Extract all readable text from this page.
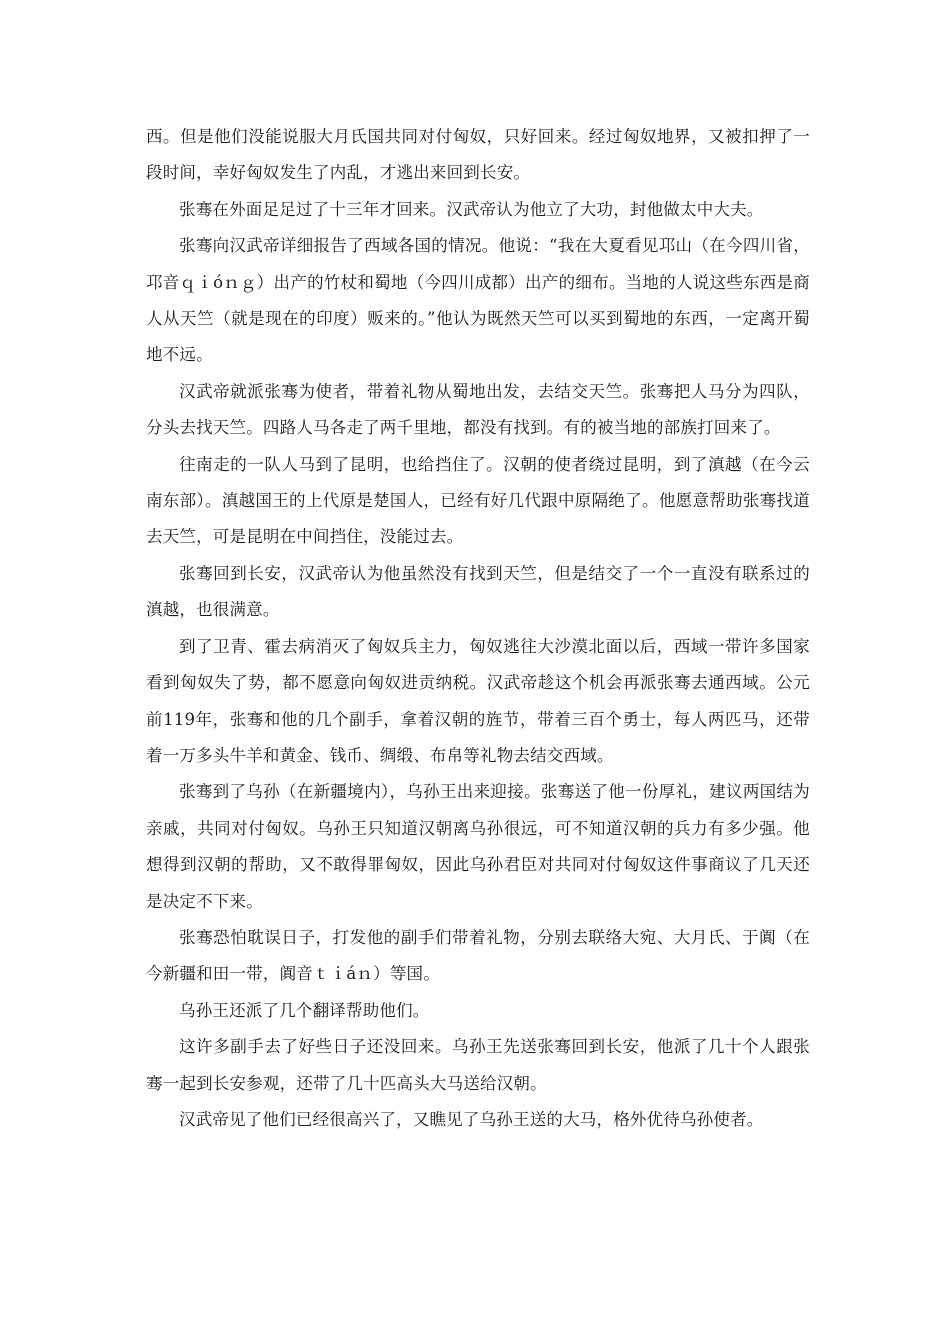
西。但是他们没能说服大月氏国共同对付匈奴，只好回来。经过匈奴地界，又被扣押了一段时间，幸好匈奴发生了内乱，才逃出来回到长安。

张骞在外面足足过了十三年才回来。汉武帝认为他立了大功，封他做太中大夫。

张骞向汉武帝详细报告了西域各国的情况。他说：“我在大夏看见邛山（在今四川省，邛音ｑｉóｎｇ）出产的竹杖和蜀地（今四川成都）出产的细布。当地的人说这些东西是商人从天竺（就是现在的印度）贩来的。”他认为既然天竺可以买到蜀地的东西，一定离开蜀地不远。

汉武帝就派张骞为使者，带着礼物从蜀地出发，去结交天竺。张骞把人马分为四队，分头去找天竺。四路人马各走了两千里地，都没有找到。有的被当地的部族打回来了。

往南走的一队人马到了昆明，也给挡住了。汉朝的使者绕过昆明，到了滇越（在今云南东部）。滇越国王的上代原是楚国人，已经有好几代跟中原隔绝了。他愿意帮助张骞找道去天竺，可是昆明在中间挡住，没能过去。

张骞回到长安，汉武帝认为他虽然没有找到天竺，但是结交了一个一直没有联系过的滇越，也很满意。

到了卫青、霍去病消灭了匈奴兵主力，匈奴逃往大沙漠北面以后，西域一带许多国家看到匈奴失了势，都不愿意向匈奴进贡纳税。汉武帝趁这个机会再派张骞去通西域。公元前119年，张骞和他的几个副手，拿着汉朝的旌节，带着三百个勇士，每人两匹马，还带着一万多头牛羊和黄金、钱币、绸缎、布帛等礼物去结交西域。

张骞到了乌孙（在新疆境内），乌孙王出来迎接。张骞送了他一份厚礼，建议两国结为亲戚，共同对付匈奴。乌孙王只知道汉朝离乌孙很远，可不知道汉朝的兵力有多少强。他想得到汉朝的帮助，又不敢得罪匈奴，因此乌孙君臣对共同对付匈奴这件事商议了几天还是决定不下来。

张骞恐怕耽误日子，打发他的副手们带着礼物，分别去联络大宛、大月氏、于阗（在今新疆和田一带，阗音ｔｉáｎ）等国。

乌孙王还派了几个翻译帮助他们。

这许多副手去了好些日子还没回来。乌孙王先送张骞回到长安，他派了几十个人跟张骞一起到长安参观，还带了几十匹高头大马送给汉朝。

汉武帝见了他们已经很高兴了，又瞧见了乌孙王送的大马，格外优待乌孙使者。
